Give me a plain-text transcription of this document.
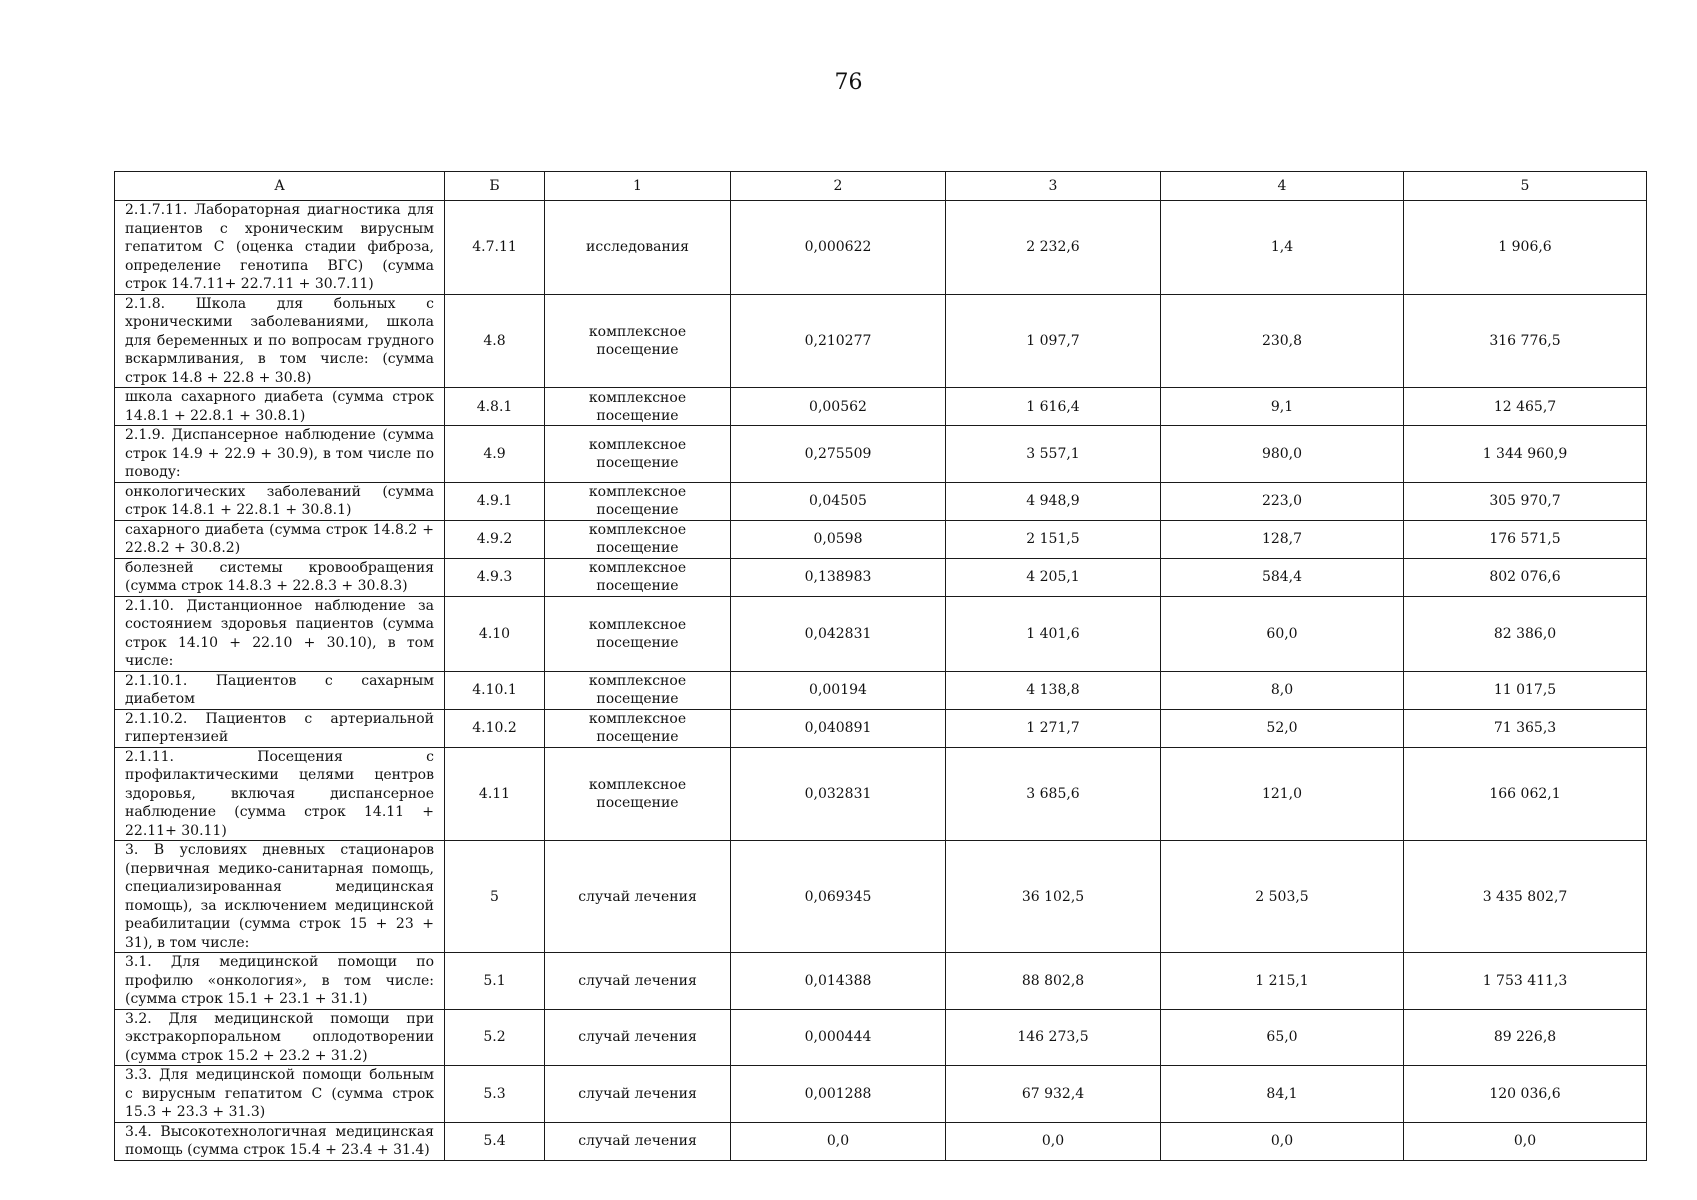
76
А	Б	1	2	3	4	5
2.1.7.11. Лабораторная диагностика для пациентов с хроническим вирусным гепатитом С (оценка стадии фиброза, определение генотипа ВГС) (сумма строк 14.7.11+ 22.7.11 + 30.7.11)	4.7.11	исследования	0,000622	2 232,6	1,4	1 906,6
2.1.8. Школа для больных с хроническими заболеваниями, школа для беременных и по вопросам грудного вскармливания, в том числе: (сумма строк 14.8 + 22.8 + 30.8)	4.8	комплексное посещение	0,210277	1 097,7	230,8	316 776,5
школа сахарного диабета (сумма строк 14.8.1 + 22.8.1 + 30.8.1)	4.8.1	комплексное посещение	0,00562	1 616,4	9,1	12 465,7
2.1.9. Диспансерное наблюдение (сумма строк 14.9 + 22.9 + 30.9), в том числе по поводу:	4.9	комплексное посещение	0,275509	3 557,1	980,0	1 344 960,9
онкологических заболеваний (сумма строк 14.8.1 + 22.8.1 + 30.8.1)	4.9.1	комплексное посещение	0,04505	4 948,9	223,0	305 970,7
сахарного диабета (сумма строк 14.8.2 + 22.8.2 + 30.8.2)	4.9.2	комплексное посещение	0,0598	2 151,5	128,7	176 571,5
болезней системы кровообращения (сумма строк 14.8.3 + 22.8.3 + 30.8.3)	4.9.3	комплексное посещение	0,138983	4 205,1	584,4	802 076,6
2.1.10. Дистанционное наблюдение за состоянием здоровья пациентов (сумма строк 14.10 + 22.10 + 30.10), в том числе:	4.10	комплексное посещение	0,042831	1 401,6	60,0	82 386,0
2.1.10.1. Пациентов с сахарным диабетом	4.10.1	комплексное посещение	0,00194	4 138,8	8,0	11 017,5
2.1.10.2. Пациентов с артериальной гипертензией	4.10.2	комплексное посещение	0,040891	1 271,7	52,0	71 365,3
2.1.11. Посещения с профилактическими целями центров здоровья, включая диспансерное наблюдение (сумма строк 14.11 + 22.11+ 30.11)	4.11	комплексное посещение	0,032831	3 685,6	121,0	166 062,1
3. В условиях дневных стационаров (первичная медико-санитарная помощь, специализированная медицинская помощь), за исключением медицинской реабилитации (сумма строк 15 + 23 + 31), в том числе:	5	случай лечения	0,069345	36 102,5	2 503,5	3 435 802,7
3.1. Для медицинской помощи по профилю «онкология», в том числе: (сумма строк 15.1 + 23.1 + 31.1)	5.1	случай лечения	0,014388	88 802,8	1 215,1	1 753 411,3
3.2. Для медицинской помощи при экстракорпоральном оплодотворении (сумма строк 15.2 + 23.2 + 31.2)	5.2	случай лечения	0,000444	146 273,5	65,0	89 226,8
3.3. Для медицинской помощи больным с вирусным гепатитом С (сумма строк 15.3 + 23.3 + 31.3)	5.3	случай лечения	0,001288	67 932,4	84,1	120 036,6
3.4. Высокотехнологичная медицинская помощь (сумма строк 15.4 + 23.4 + 31.4)	5.4	случай лечения	0,0	0,0	0,0	0,0
